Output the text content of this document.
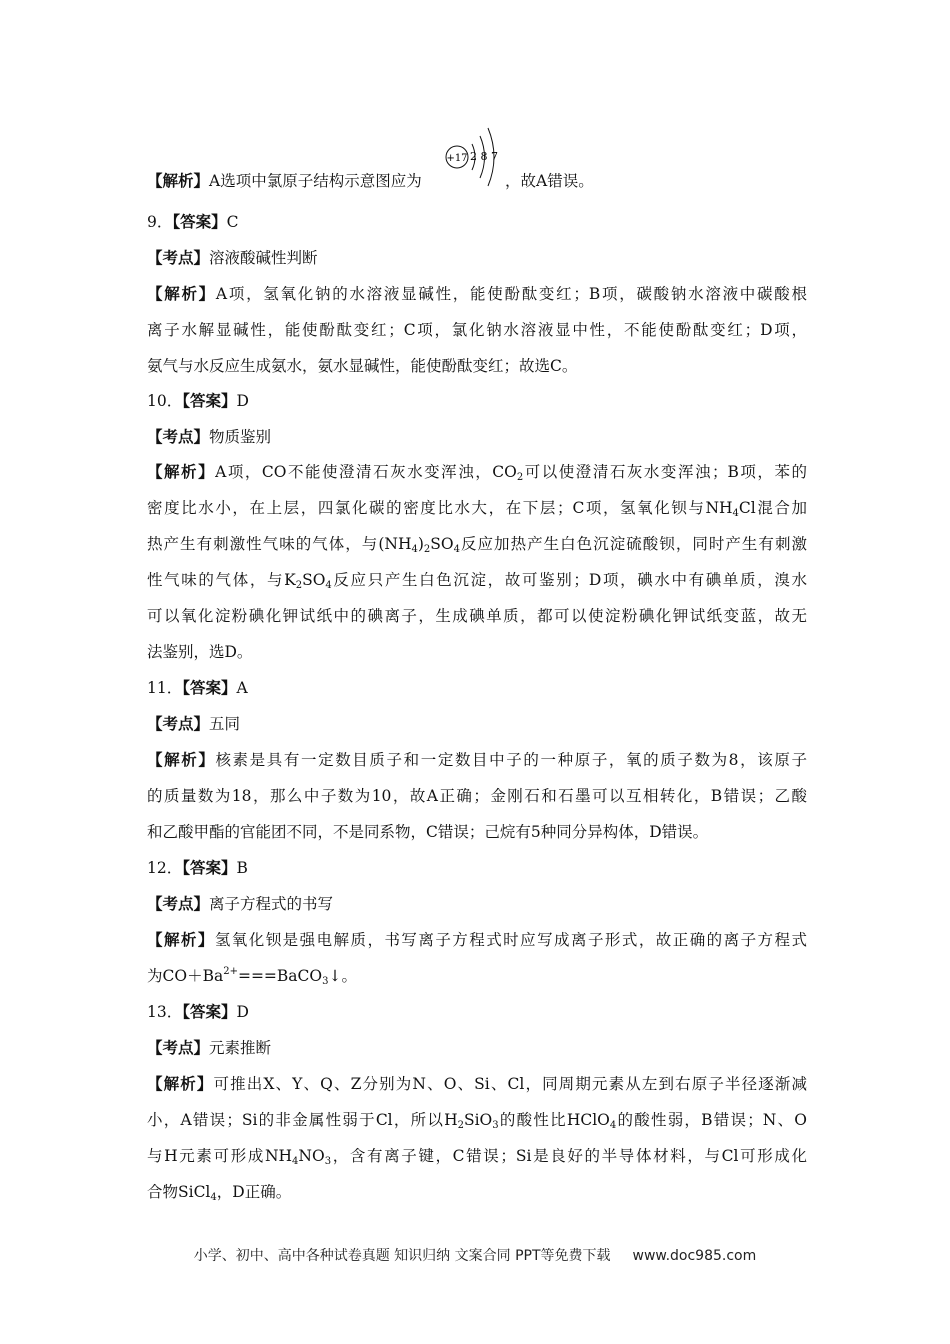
【解析】A选项中氯原子结构示意图应为
+17 2 8 7
，故A错误。
9．【答案】C
【考点】溶液酸碱性判断
【解析】A项，氢氧化钠的水溶液显碱性，能使酚酞变红；B项，碳酸钠水溶液中碳酸根
离子水解显碱性，能使酚酞变红；C项，氯化钠水溶液显中性，不能使酚酞变红；D项，
氨气与水反应生成氨水，氨水显碱性，能使酚酞变红；故选C。
10．【答案】D
【考点】物质鉴别
【解析】A项，CO不能使澄清石灰水变浑浊，$CO_2$可以使澄清石灰水变浑浊；B项，苯的
密度比水小，在上层，四氯化碳的密度比水大，在下层；C项，氢氧化钡与$NH_4Cl$混合加
热产生有刺激性气味的气体，与$(NH_4)_2SO_4$反应加热产生白色沉淀硫酸钡，同时产生有刺激
性气味的气体，与$K_2SO_4$反应只产生白色沉淀，故可鉴别；D项，碘水中有碘单质，溴水
可以氧化淀粉碘化钾试纸中的碘离子，生成碘单质，都可以使淀粉碘化钾试纸变蓝，故无
法鉴别，选D。
11．【答案】A
【考点】五同
【解析】核素是具有一定数目质子和一定数目中子的一种原子，氧的质子数为8，该原子
的质量数为18，那么中子数为10，故A正确；金刚石和石墨可以互相转化，B错误；乙酸
和乙酸甲酯的官能团不同，不是同系物，C错误；己烷有5种同分异构体，D错误。
12．【答案】B
【考点】离子方程式的书写
【解析】氢氧化钡是强电解质，书写离子方程式时应写成离子形式，故正确的离子方程式
为$CO+Ba^{2+}===BaCO_3↓$。
13．【答案】D
【考点】元素推断
【解析】可推出X、Y、Q、Z分别为N、O、Si、Cl，同周期元素从左到右原子半径逐渐减
小，A错误；Si的非金属性弱于Cl，所以$H_2SiO_3$的酸性比HClO$_4$的酸性弱，B错误；N、O
与H元素可形成$NH_4NO_3$，含有离子键，C错误；Si是良好的半导体材料，与Cl可形成化
合物SiCl$_4$，D正确。
小学、初中、高中各种试卷真题 知识归纳 文案合同 PPT等免费下载 www.doc985.com
